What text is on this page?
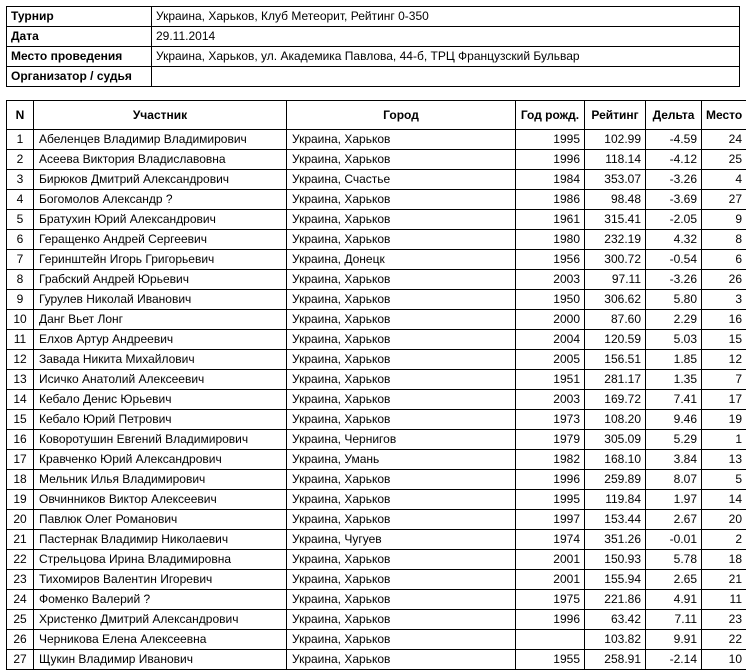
Турнир	Украина, Харьков, Клуб Метеорит, Рейтинг 0-350
Дата	29.11.2014
Место проведения	Украина, Харьков, ул. Академика Павлова, 44-б, ТРЦ Французский Бульвар
Организатор / судья	
N	Участник	Город	Год рожд.	Рейтинг	Дельта	Место
1	Абеленцев Владимир Владимирович	Украина, Харьков	1995	102.99	-4.59	24
2	Асеева Виктория Владиславовна	Украина, Харьков	1996	118.14	-4.12	25
3	Бирюков Дмитрий Александрович	Украина, Счастье	1984	353.07	-3.26	4
4	Богомолов Александр ?	Украина, Харьков	1986	98.48	-3.69	27
5	Братухин Юрий Александрович	Украина, Харьков	1961	315.41	-2.05	9
6	Геращенко Андрей Сергеевич	Украина, Харьков	1980	232.19	4.32	8
7	Геринштейн Игорь Григорьевич	Украина, Донецк	1956	300.72	-0.54	6
8	Грабский Андрей Юрьевич	Украина, Харьков	2003	97.11	-3.26	26
9	Гурулев Николай Иванович	Украина, Харьков	1950	306.62	5.80	3
10	Данг Вьет Лонг	Украина, Харьков	2000	87.60	2.29	16
11	Елхов Артур Андреевич	Украина, Харьков	2004	120.59	5.03	15
12	Завада Никита Михайлович	Украина, Харьков	2005	156.51	1.85	12
13	Исичко Анатолий Алексеевич	Украина, Харьков	1951	281.17	1.35	7
14	Кебало Денис Юрьевич	Украина, Харьков	2003	169.72	7.41	17
15	Кебало Юрий Петрович	Украина, Харьков	1973	108.20	9.46	19
16	Коворотушин Евгений Владимирович	Украина, Чернигов	1979	305.09	5.29	1
17	Кравченко Юрий Александрович	Украина, Умань	1982	168.10	3.84	13
18	Мельник Илья Владимирович	Украина, Харьков	1996	259.89	8.07	5
19	Овчинников Виктор Алексеевич	Украина, Харьков	1995	119.84	1.97	14
20	Павлюк Олег Романович	Украина, Харьков	1997	153.44	2.67	20
21	Пастернак Владимир Николаевич	Украина, Чугуев	1974	351.26	-0.01	2
22	Стрельцова Ирина Владимировна	Украина, Харьков	2001	150.93	5.78	18
23	Тихомиров Валентин Игоревич	Украина, Харьков	2001	155.94	2.65	21
24	Фоменко Валерий ?	Украина, Харьков	1975	221.86	4.91	11
25	Христенко Дмитрий Александрович	Украина, Харьков	1996	63.42	7.11	23
26	Черникова Елена Алексеевна	Украина, Харьков		103.82	9.91	22
27	Щукин Владимир Иванович	Украина, Харьков	1955	258.91	-2.14	10
